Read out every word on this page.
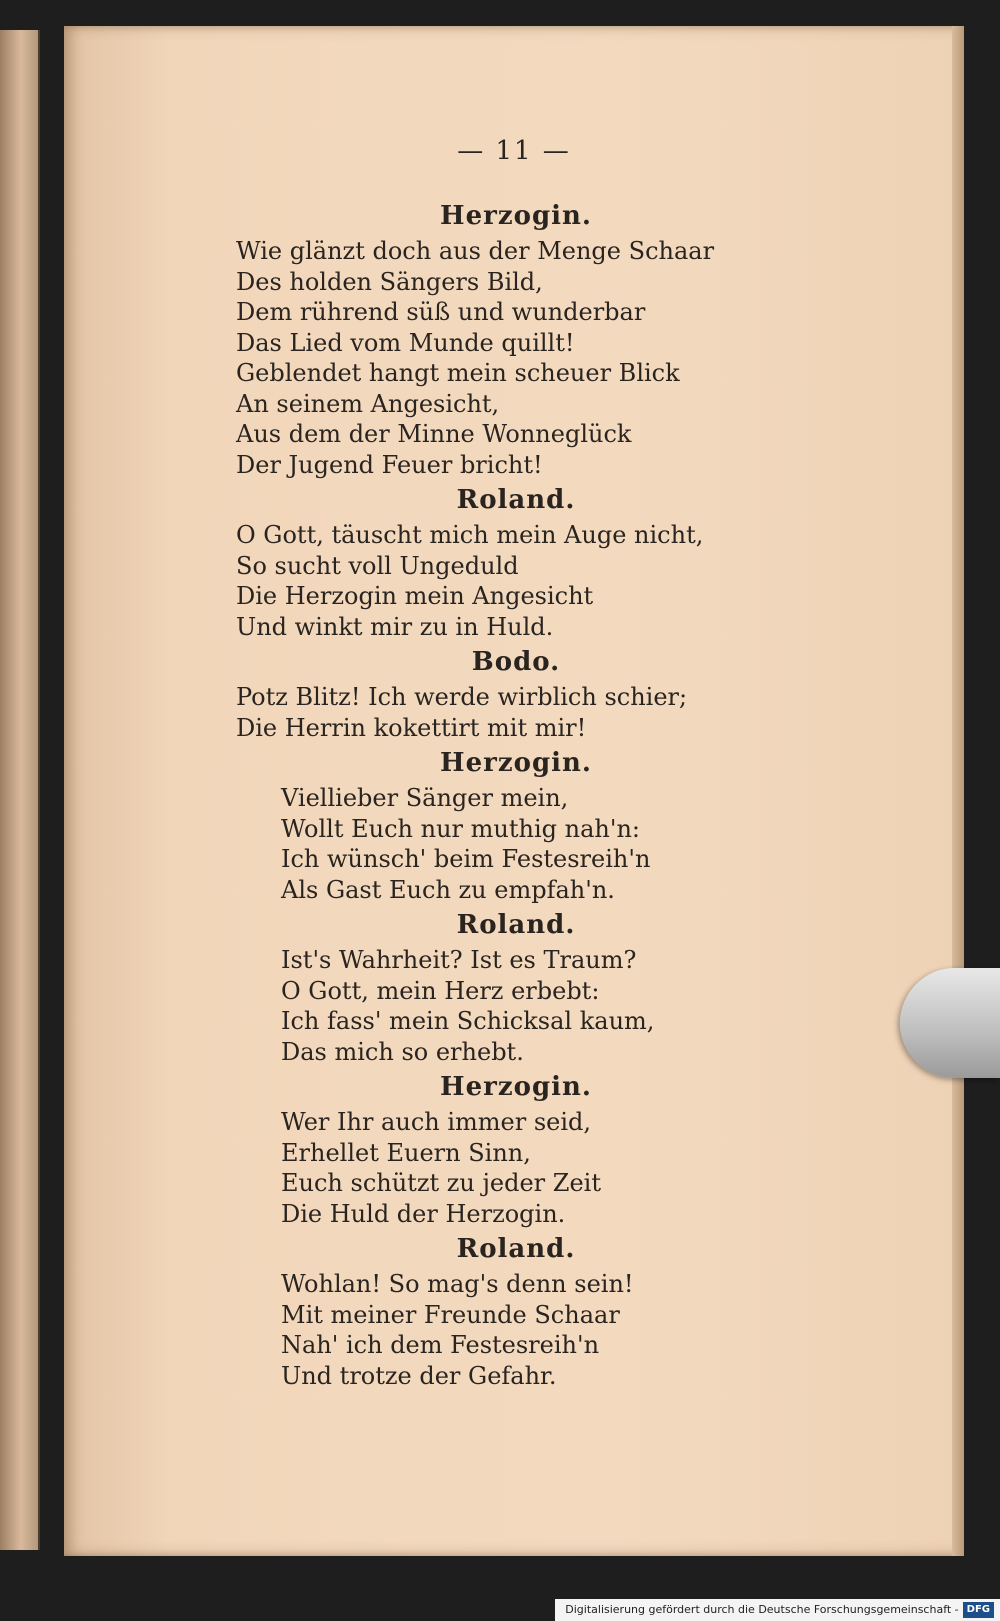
— 11 —
Herzogin.
Wie glänzt doch aus der Menge Schaar
Des holden Sängers Bild,
Dem rührend süß und wunderbar
Das Lied vom Munde quillt!
Geblendet hangt mein scheuer Blick
An seinem Angesicht,
Aus dem der Minne Wonneglück
Der Jugend Feuer bricht!
Roland.
O Gott, täuscht mich mein Auge nicht,
So sucht voll Ungeduld
Die Herzogin mein Angesicht
Und winkt mir zu in Huld.
Bodo.
Potz Blitz! Ich werde wirblich schier;
Die Herrin kokettirt mit mir!
Herzogin.
Viellieber Sänger mein,
Wollt Euch nur muthig nah'n:
Ich wünsch' beim Festesreih'n
Als Gast Euch zu empfah'n.
Roland.
Ist's Wahrheit? Ist es Traum?
O Gott, mein Herz erbebt:
Ich fass' mein Schicksal kaum,
Das mich so erhebt.
Herzogin.
Wer Ihr auch immer seid,
Erhellet Euern Sinn,
Euch schützt zu jeder Zeit
Die Huld der Herzogin.
Roland.
Wohlan! So mag's denn sein!
Mit meiner Freunde Schaar
Nah' ich dem Festesreih'n
Und trotze der Gefahr.
Digitalisierung gefördert durch die Deutsche Forschungsgemeinschaft - DFG
